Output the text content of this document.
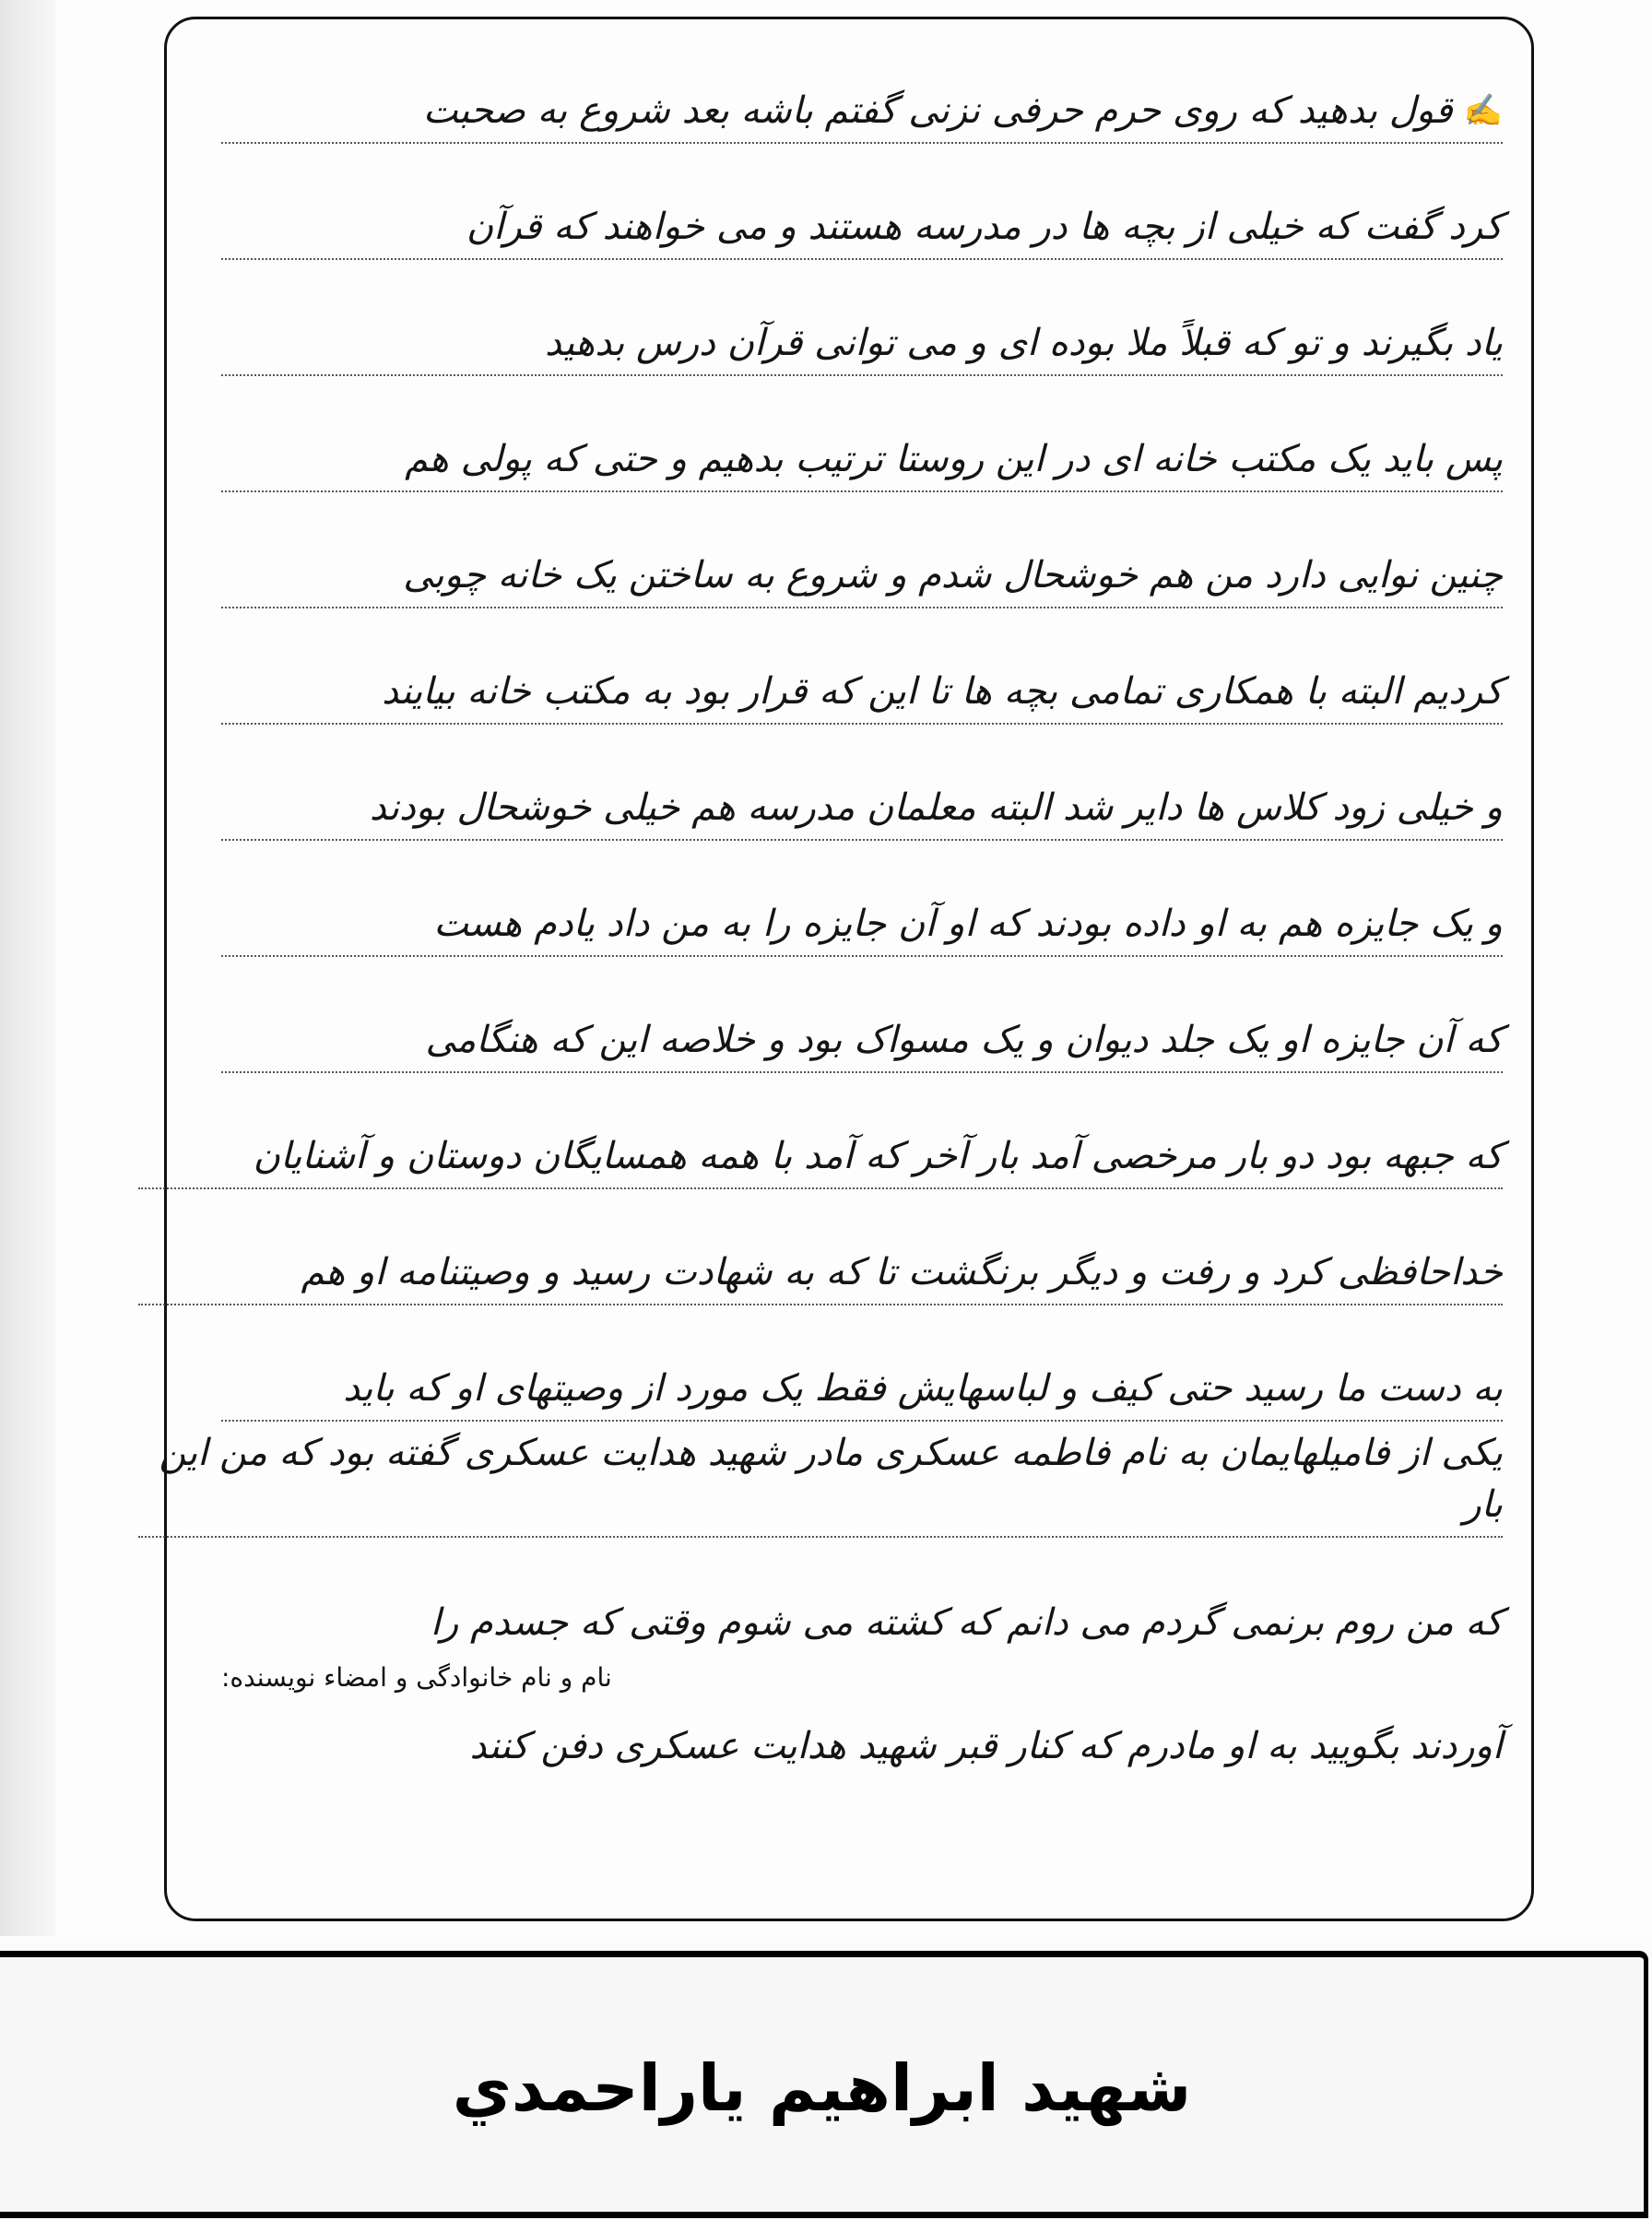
✍
قول بدهید که روی حرم حرفی نزنی گفتم باشه بعد شروع به صحبت
کرد گفت که خیلی از بچه ها در مدرسه هستند و می خواهند که قرآن
یاد بگیرند و تو که قبلاً ملا بوده ای و می توانی قرآن درس بدهید
پس باید یک مکتب خانه ای در این روستا ترتیب بدهیم و حتی که پولی هم
چنین نوایی دارد من هم خوشحال شدم و شروع به ساختن یک خانه چوبی
کردیم البته با همکاری تمامی بچه ها تا این که قرار بود به مکتب خانه بیایند
و خیلی زود کلاس ها دایر شد البته معلمان مدرسه هم خیلی خوشحال بودند
و یک جایزه هم به او داده بودند که او آن جایزه را به من داد یادم هست
که آن جایزه او یک جلد دیوان و یک مسواک بود و خلاصه این که هنگامی
که جبهه بود دو بار مرخصی آمد بار آخر که آمد با همه همسایگان دوستان و آشنایان
خداحافظی کرد و رفت و دیگر برنگشت تا که به شهادت رسید و وصیتنامه او هم
به دست ما رسید حتی کیف و لباسهایش فقط یک مورد از وصیتهای او که باید
یکی از فامیلهایمان به نام فاطمه عسکری مادر شهید هدایت عسکری گفته بود که من این بار
که من روم برنمی گردم می دانم که کشته می شوم وقتی که جسدم را
نام و نام خانوادگی و امضاء نویسنده:
آوردند بگویید به او مادرم که کنار قبر شهید هدایت عسکری دفن کنند
شهید ابراهیم یاراحمدي
